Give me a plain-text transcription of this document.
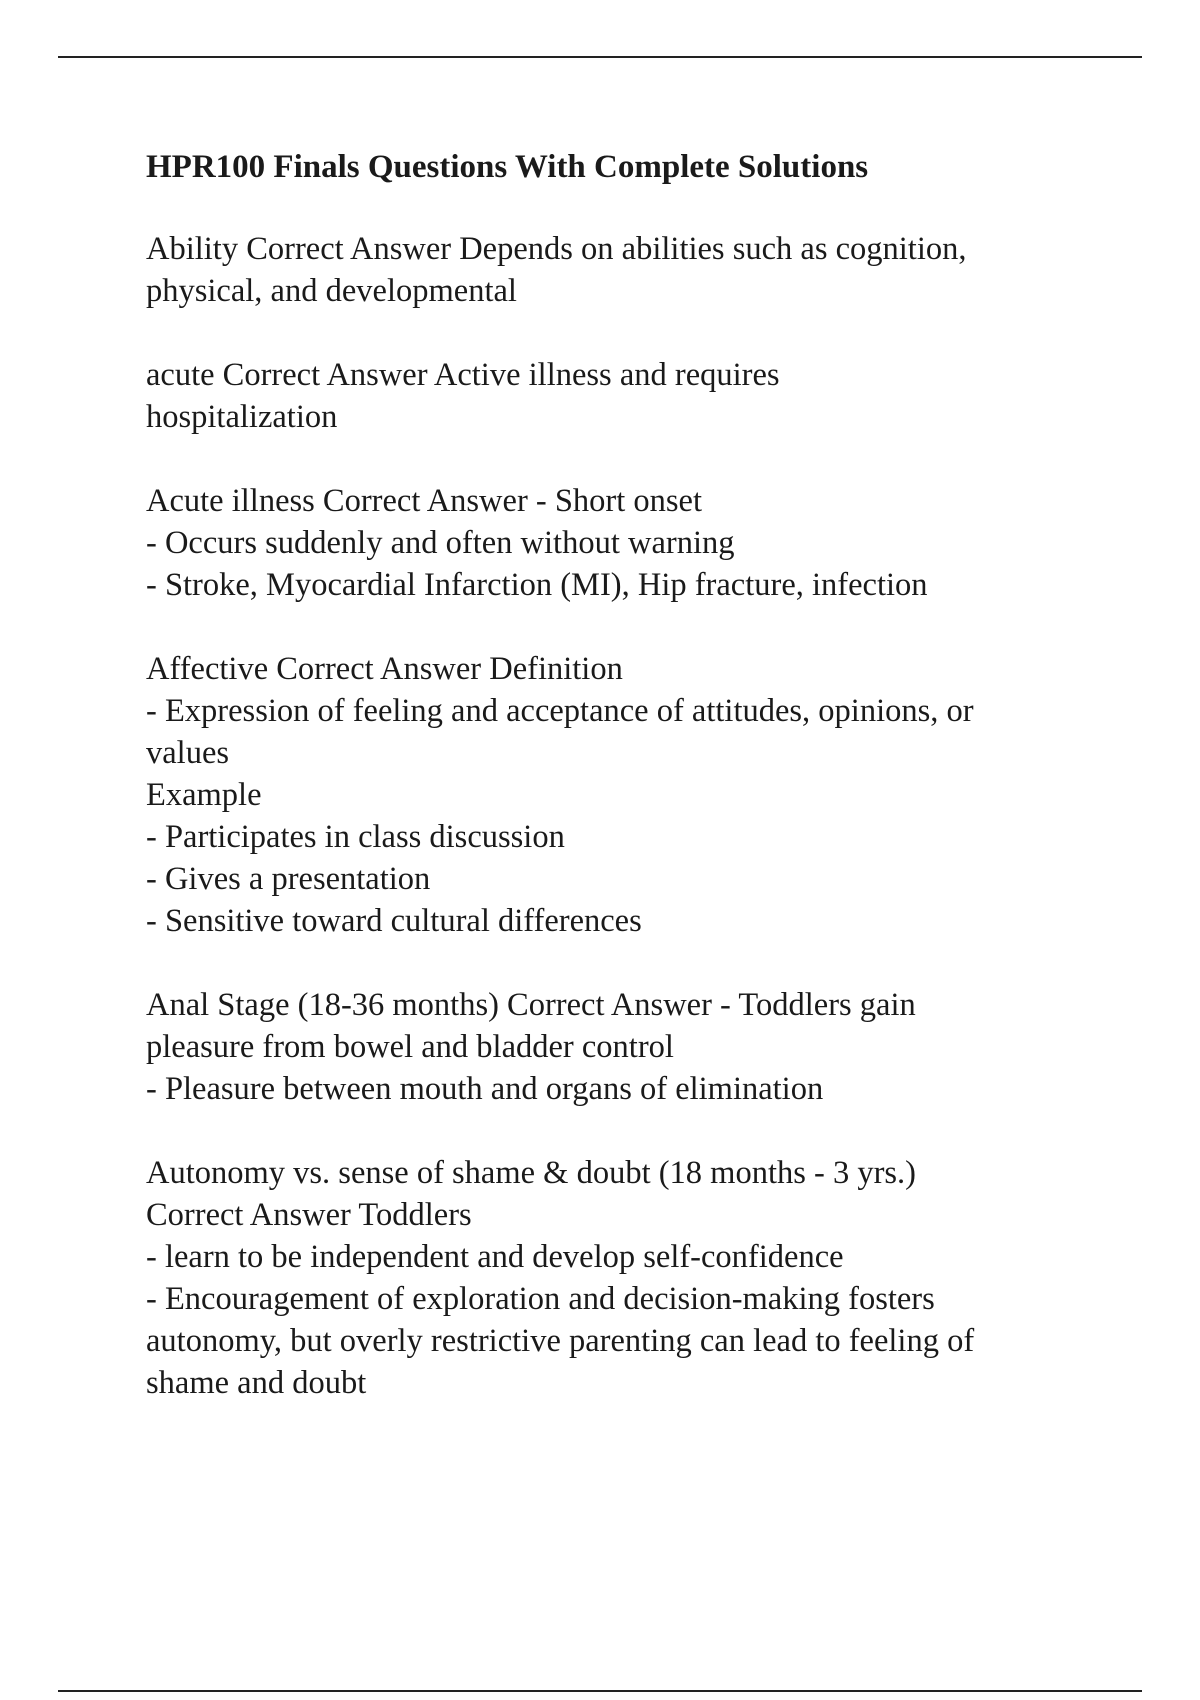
HPR100 Finals Questions With Complete Solutions
Ability Correct Answer Depends on abilities such as cognition,
physical, and developmental
acute Correct Answer Active illness and requires
hospitalization
Acute illness Correct Answer - Short onset
- Occurs suddenly and often without warning
- Stroke, Myocardial Infarction (MI), Hip fracture, infection
Affective Correct Answer Definition
- Expression of feeling and acceptance of attitudes, opinions, or
values
Example
- Participates in class discussion
- Gives a presentation
- Sensitive toward cultural differences
Anal Stage (18-36 months) Correct Answer - Toddlers gain
pleasure from bowel and bladder control
- Pleasure between mouth and organs of elimination
Autonomy vs. sense of shame & doubt (18 months - 3 yrs.)
Correct Answer Toddlers
- learn to be independent and develop self-confidence
- Encouragement of exploration and decision-making fosters
autonomy, but overly restrictive parenting can lead to feeling of
shame and doubt
